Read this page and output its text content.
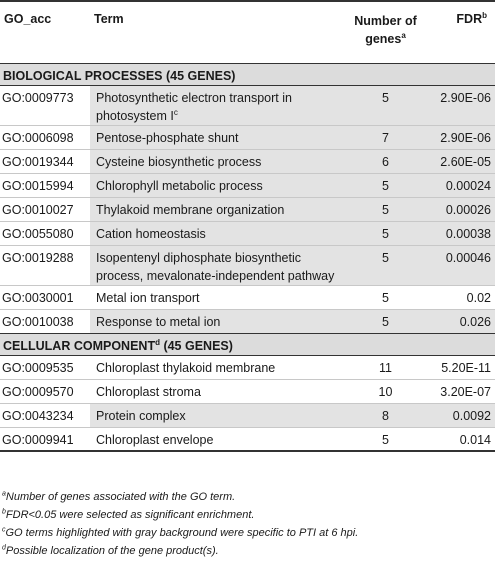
GO_acc	Term	Number of genes$^a$	FDR$^b$
BIOLOGICAL PROCESSES (45 GENES)			
GO:0009773	Photosynthetic electron transport in photosystem $I^c$	5	2.90E-06
GO:0006098	Pentose-phosphate shunt	7	2.90E-06
GO:0019344	Cysteine biosynthetic process	6	2.60E-05
GO:0015994	Chlorophyll metabolic process	5	0.00024
GO:0010027	Thylakoid membrane organization	5	0.00026
GO:0055080	Cation homeostasis	5	0.00038
GO:0019288	Isopentenyl diphosphate biosynthetic process, mevalonate-independent pathway	5	0.00046
GO:0030001	Metal ion transport	5	0.02
GO:0010038	Response to metal ion	5	0.026
CELLULAR COMPONENT$^d$ (45 GENES)			
GO:0009535	Chloroplast thylakoid membrane	11	5.20E-11
GO:0009570	Chloroplast stroma	10	3.20E-07
GO:0043234	Protein complex	8	0.0092
GO:0009941	Chloroplast envelope	5	0.014
$^a$Number of genes associated with the GO term.
$^b$FDR<0.05 were selected as significant enrichment.
$^c$GO terms highlighted with gray background were specific to PTI at 6 hpi.
$^d$Possible localization of the gene product(s).
